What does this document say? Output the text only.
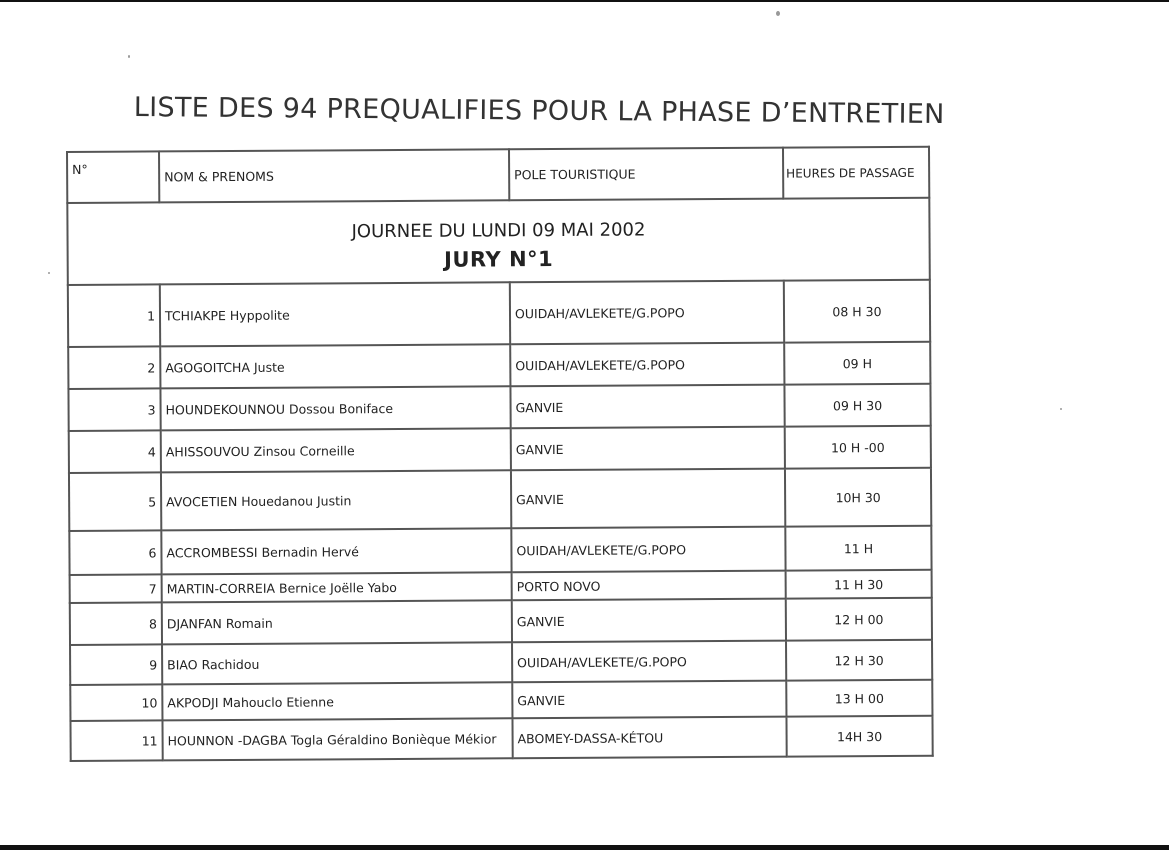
LISTE DES 94 PREQUALIFIES POUR LA PHASE D’ENTRETIEN
N°	NOM & PRENOMS	POLE TOURISTIQUE	HEURES DE PASSAGE

JOURNEE DU LUNDI 09 MAI 2002
JURY N°1			

1	TCHIAKPE Hyppolite	OUIDAH/AVLEKETE/G.POPO	08 H 30
2	AGOGOITCHA Juste	OUIDAH/AVLEKETE/G.POPO	09 H
3	HOUNDEKOUNNOU Dossou Boniface	GANVIE	09 H 30
4	AHISSOUVOU Zinsou Corneille	GANVIE	10 H -00
5	AVOCETIEN Houedanou Justin	GANVIE	10H 30
6	ACCROMBESSI Bernadin Hervé	OUIDAH/AVLEKETE/G.POPO	11 H
7	MARTIN-CORREIA Bernice Joëlle Yabo	PORTO NOVO	11 H 30
8	DJANFAN Romain	GANVIE	12 H 00
9	BIAO Rachidou	OUIDAH/AVLEKETE/G.POPO	12 H 30
10	AKPODJI Mahouclo Etienne	GANVIE	13 H 00
11	HOUNNON -DAGBA Togla Géraldino Bonièque Mékior	ABOMEY-DASSA-KÉTOU	14H 30
